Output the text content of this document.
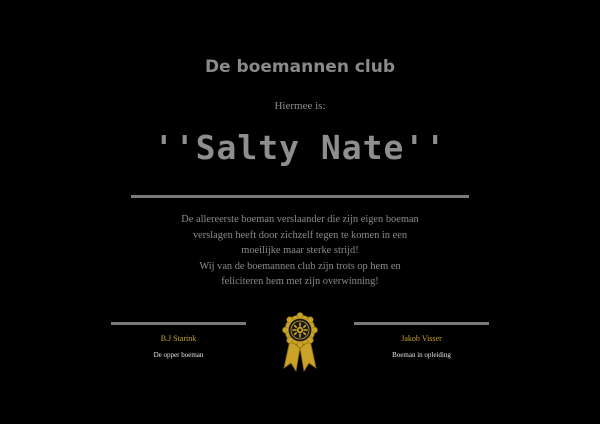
De boemannen club
Hiermee is:
''Salty Nate''
De allereerste boeman verslaander die zijn eigen boeman
verslagen heeft door zichzelf tegen te komen in een
moeilijke maar sterke strijd!
Wij van de boemannen club zijn trots op hem en
feliciteren hem met zijn overwinning!
B.J Starink
De opper boeman
Jakob Visser
Boeman in opleiding
